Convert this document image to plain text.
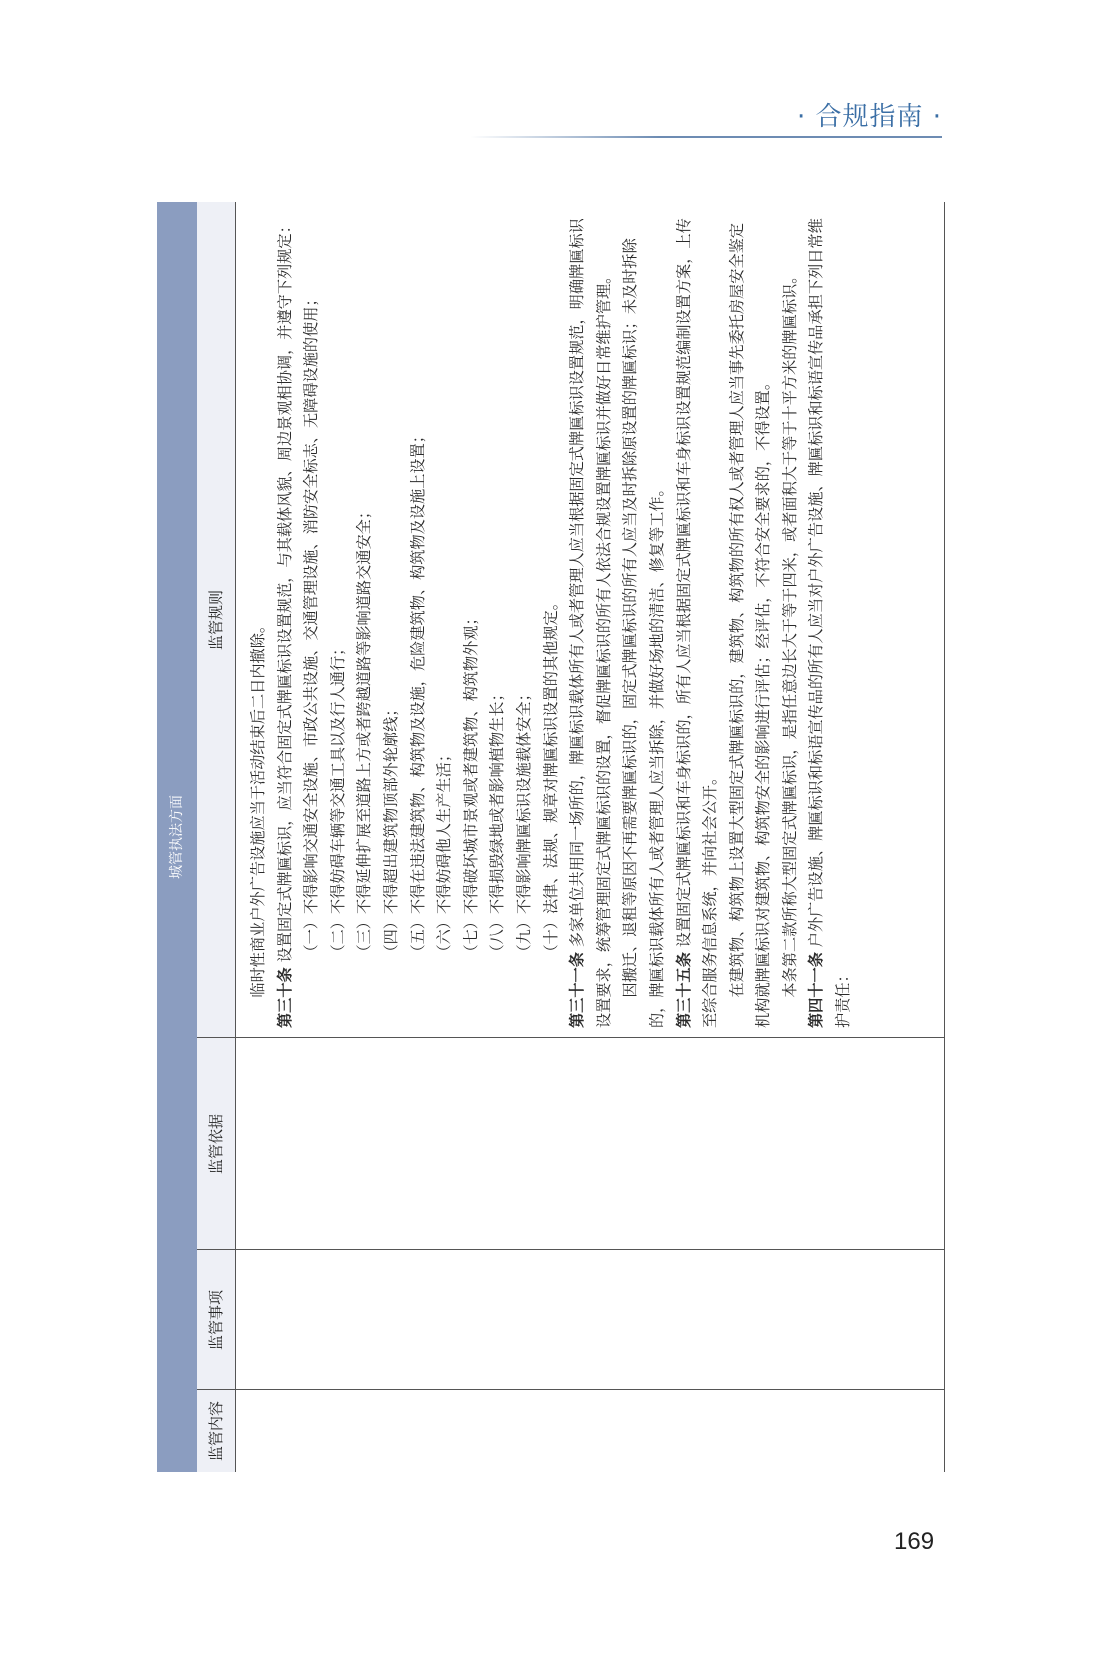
· 合规指南 ·
城管执法方面
监管内容
监管事项
监管依据
监管规则	临时性商业户外广告设施应当于活动结束后二日内撤除。

第三十条 设置固定式牌匾标识，应当符合固定式牌匾标识设置规范，与其载体风貌、周边景观相协调，并遵守下列规定： （一）不得影响交通安全设施、市政公共设施、交通管理设施、消防安全标志、无障碍设施的使用； （二）不得妨碍车辆等交通工具以及行人通行； （三）不得延伸扩展至道路上方或者跨越道路等影响道路交通安全； （四）不得超出建筑物顶部外轮廓线； （五）不得在违法建筑物、构筑物及设施，危险建筑物、构筑物及设施上设置； （六）不得妨碍他人生产生活； （七）不得破坏城市景观或者建筑物、构筑物外观； （八）不得损毁绿地或者影响植物生长； （九）不得影响牌匾标识设施载体安全； （十）法律、法规、规章对牌匾标识设置的其他规定。

第三十一条 多家单位共用同一场所的，牌匾标识载体所有人或者管理人应当根据固定式牌匾标识设置规范，明确牌匾标识设置要求，统筹管理固定式牌匾标识的设置，督促牌匾标识的所有人依法合规设置牌匾标识并做好日常维护管理。 因搬迁、退租等原因不再需要牌匾标识的，固定式牌匾标识的所有人应当及时拆除原设置的牌匾标识；未及时拆除的，牌匾标识载体所有人或者管理人应当拆除，并做好场地的清洁、修复等工作。 第三十五条 设置固定式牌匾标识和车身标识的，所有人应当根据固定式牌匾标识和车身标识设置规范编制设置方案，上传至综合服务信息系统，并向社会公开。 在建筑物、构筑物上设置大型固定式牌匾标识的，建筑物、构筑物的所有权人或者管理人应当事先委托房屋安全鉴定机构就牌匾标识对建筑物、构筑物安全的影响进行评估；经评估，不符合安全要求的，不得设置。 本条第二款所称大型固定式牌匾标识，是指任意边长大于等于四米，或者面积大于等于十平方米的牌匾标识。 第四十一条 户外广告设施、牌匾标识和标语宣传品的所有人应当对户外广告设施、牌匾标识和标语宣传品承担下列日常维护责任：

169
